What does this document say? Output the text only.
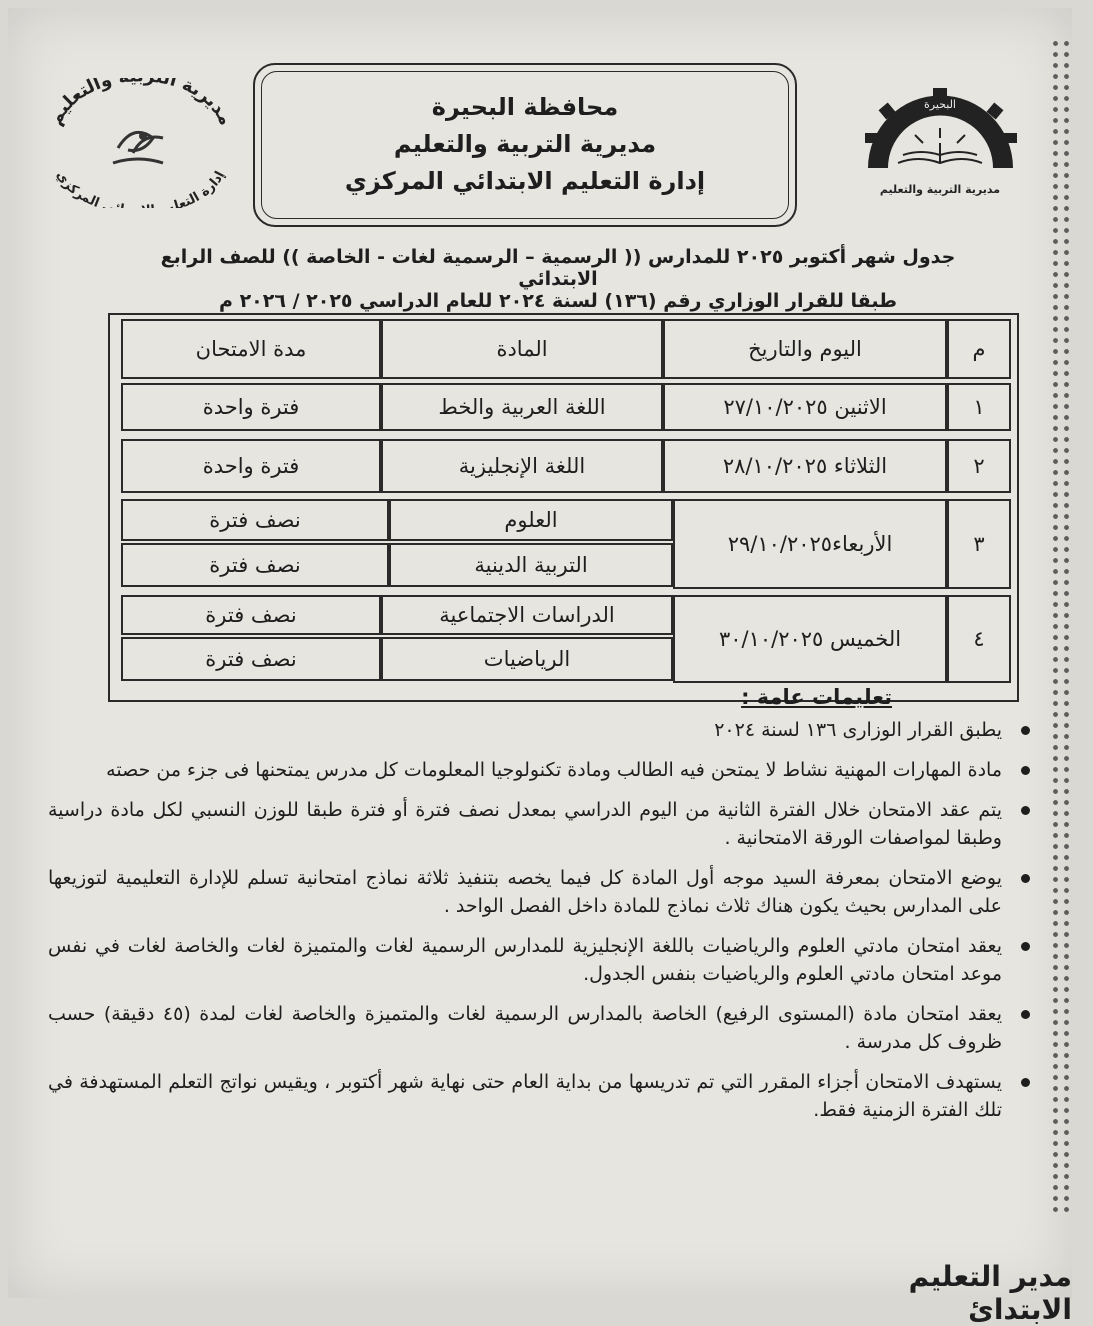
مديرية ال والتعليم
إدارة التعلي ي المركزي
محافظة البحيرة
مديرية التربية والتعليم
إدارة التعليم الابتدائي المركزي
البحيرة
مديرية التربية والتعليم
جدول شهر أكتوبر ٢٠٢٥ للمدارس (( الرسمية – الرسمية لغات - الخاصة )) للصف الرابع الابتدائي
طبقا للقرار الوزاري رقم (١٣٦) لسنة ٢٠٢٤ للعام الدراسي ٢٠٢٥ / ٢٠٢٦ م
م
اليوم والتاريخ
المادة
مدة الامتحان
١
الاثنين ٢٧/١٠/٢٠٢٥
اللغة العربية والخط
فترة واحدة
٢
الثلاثاء ٢٨/١٠/٢٠٢٥
اللغة الإنجليزية
فترة واحدة
٣
الأربعاء٢٩/١٠/٢٠٢٥
العلوم
نصف فترة
التربية الدينية
نصف فترة
٤
الخميس ٣٠/١٠/٢٠٢٥
الدراسات الاجتماعية
نصف فترة
الرياضيات
نصف فترة
تعليمات عامة :
يطبق القرار الوزارى ١٣٦ لسنة ٢٠٢٤
مادة المهارات المهنية نشاط لا يمتحن فيه الطالب ومادة تكنولوجيا المعلومات كل مدرس يمتحنها فى جزء من حصته
يتم عقد الامتحان خلال الفترة الثانية من اليوم الدراسي بمعدل نصف فترة أو فترة طبقا للوزن النسبي لكل مادة دراسية وطبقا لمواصفات الورقة الامتحانية .
يوضع الامتحان بمعرفة السيد موجه أول المادة كل فيما يخصه بتنفيذ ثلاثة نماذج امتحانية تسلم للإدارة التعليمية لتوزيعها على المدارس بحيث يكون هناك ثلاث نماذج للمادة داخل الفصل الواحد .
يعقد امتحان مادتي العلوم والرياضيات باللغة الإنجليزية للمدارس الرسمية لغات والمتميزة لغات والخاصة لغات في نفس موعد امتحان مادتي العلوم والرياضيات بنفس الجدول.
يعقد امتحان مادة (المستوى الرفيع) الخاصة بالمدارس الرسمية لغات والمتميزة والخاصة لغات لمدة (٤٥ دقيقة) حسب ظروف كل مدرسة .
يستهدف الامتحان أجزاء المقرر التي تم تدريسها من بداية العام حتى نهاية شهر أكتوبر ، ويقيس نواتج التعلم المستهدفة في تلك الفترة الزمنية فقط.
مدير التعليم الابتدائ
